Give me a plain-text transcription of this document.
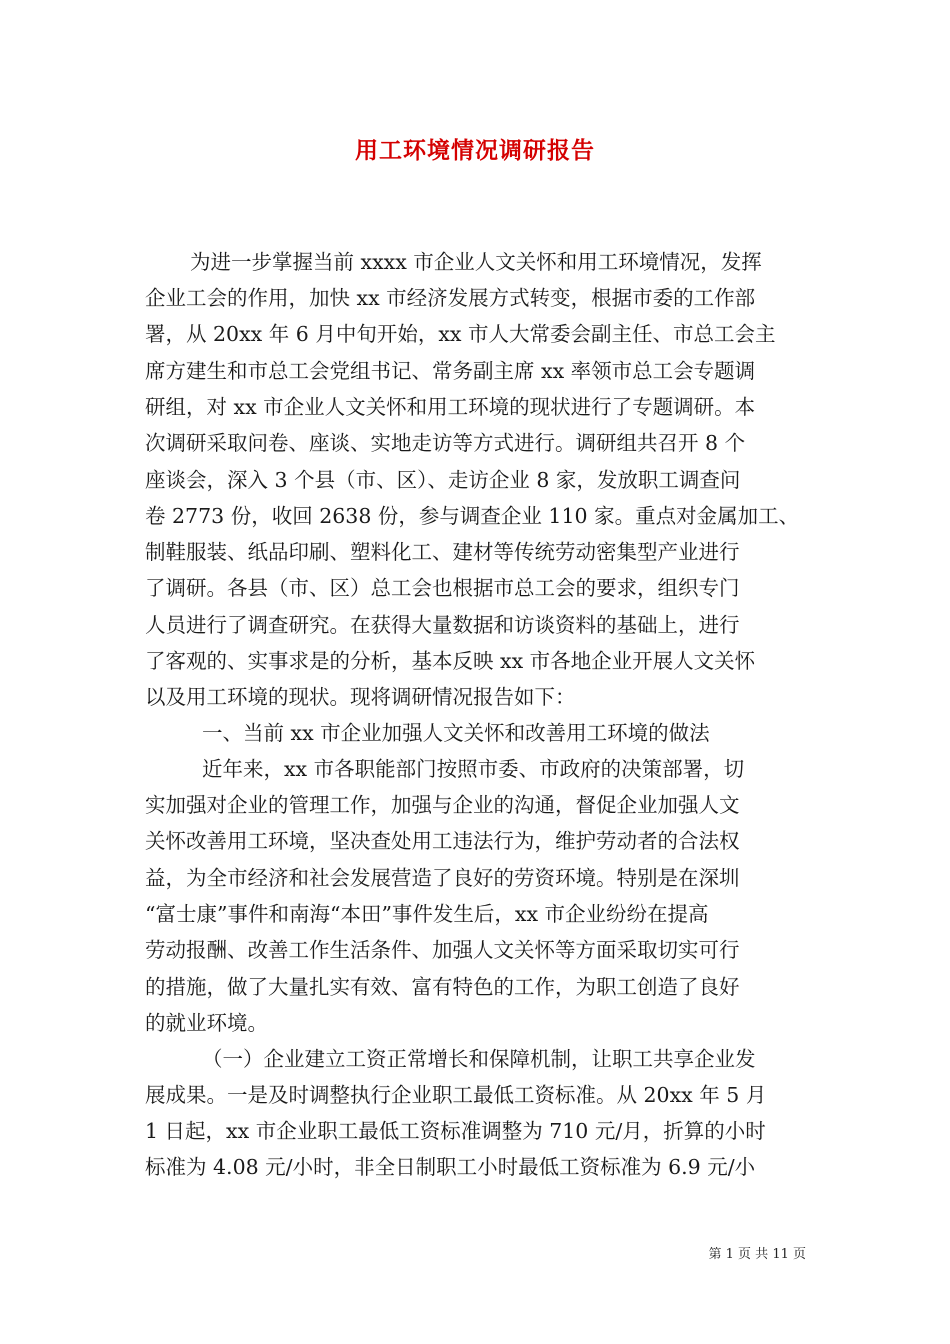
用工环境情况调研报告
为进一步掌握当前 xxxx 市企业人文关怀和用工环境情况，发挥
企业工会的作用，加快 xx 市经济发展方式转变，根据市委的工作部
署，从 20xx 年 6 月中旬开始，xx 市人大常委会副主任、市总工会主
席方建生和市总工会党组书记、常务副主席 xx 率领市总工会专题调
研组，对 xx 市企业人文关怀和用工环境的现状进行了专题调研。本
次调研采取问卷、座谈、实地走访等方式进行。调研组共召开 8 个
座谈会，深入 3 个县（市、区）、走访企业 8 家，发放职工调查问
卷 2773 份，收回 2638 份，参与调查企业 110 家。重点对金属加工、
制鞋服装、纸品印刷、塑料化工、建材等传统劳动密集型产业进行
了调研。各县（市、区）总工会也根据市总工会的要求，组织专门
人员进行了调查研究。在获得大量数据和访谈资料的基础上，进行
了客观的、实事求是的分析，基本反映 xx 市各地企业开展人文关怀
以及用工环境的现状。现将调研情况报告如下：
一、当前 xx 市企业加强人文关怀和改善用工环境的做法
近年来，xx 市各职能部门按照市委、市政府的决策部署，切
实加强对企业的管理工作，加强与企业的沟通，督促企业加强人文
关怀改善用工环境，坚决查处用工违法行为，维护劳动者的合法权
益，为全市经济和社会发展营造了良好的劳资环境。特别是在深圳
“富士康”事件和南海“本田”事件发生后，xx 市企业纷纷在提高
劳动报酬、改善工作生活条件、加强人文关怀等方面采取切实可行
的措施，做了大量扎实有效、富有特色的工作，为职工创造了良好
的就业环境。
（一）企业建立工资正常增长和保障机制，让职工共享企业发
展成果。一是及时调整执行企业职工最低工资标准。从 20xx 年 5 月
1 日起，xx 市企业职工最低工资标准调整为 710 元/月，折算的小时
标准为 4.08 元/小时，非全日制职工小时最低工资标准为 6.9 元/小
第 1 页 共 11 页
